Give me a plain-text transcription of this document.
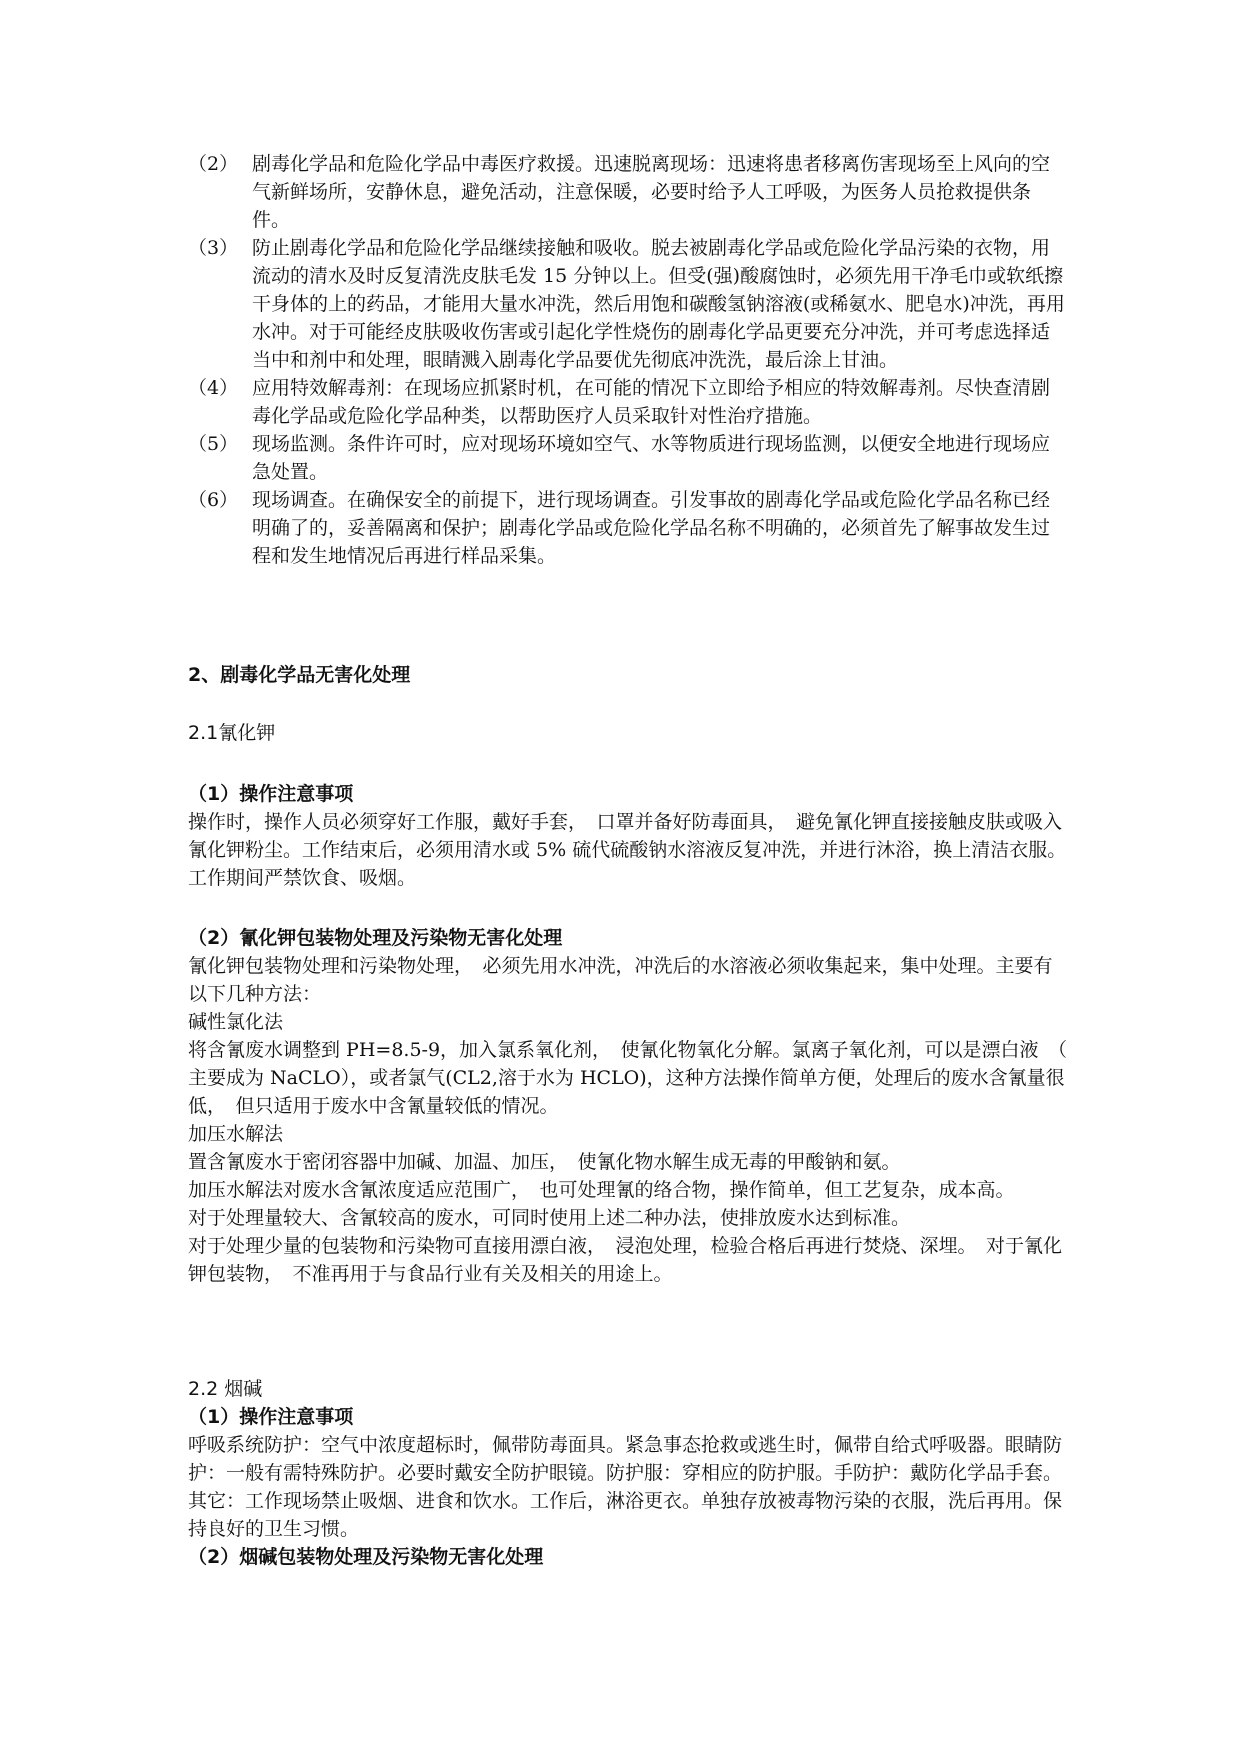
（2） 剧毒化学品和危险化学品中毒医疗救援。迅速脱离现场：迅速将患者移离伤害现场至上风向的空气新鲜场所，安静休息，避免活动，注意保暖，必要时给予人工呼吸，为医务人员抢救提供条件。
（3） 防止剧毒化学品和危险化学品继续接触和吸收。脱去被剧毒化学品或危险化学品污染的衣物，用流动的清水及时反复清洗皮肤毛发 15 分钟以上。但受(强)酸腐蚀时，必须先用干净毛巾或软纸擦干身体的上的药品，才能用大量水冲洗，然后用饱和碳酸氢钠溶液(或稀氨水、肥皂水)冲洗，再用水冲。对于可能经皮肤吸收伤害或引起化学性烧伤的剧毒化学品更要充分冲洗，并可考虑选择适当中和剂中和处理，眼睛溅入剧毒化学品要优先彻底冲洗洗，最后涂上甘油。
（4） 应用特效解毒剂：在现场应抓紧时机，在可能的情况下立即给予相应的特效解毒剂。尽快查清剧毒化学品或危险化学品种类，以帮助医疗人员采取针对性治疗措施。
（5） 现场监测。条件许可时，应对现场环境如空气、水等物质进行现场监测，以便安全地进行现场应急处置。
（6） 现场调查。在确保安全的前提下，进行现场调查。引发事故的剧毒化学品或危险化学品名称已经明确了的，妥善隔离和保护；剧毒化学品或危险化学品名称不明确的，必须首先了解事故发生过程和发生地情况后再进行样品采集。

2、剧毒化学品无害化处理

2.1氰化钾

（1）操作注意事项

操作时，操作人员必须穿好工作服，戴好手套，　口罩并备好防毒面具，　避免氰化钾直接接触皮肤或吸入氰化钾粉尘。工作结束后，必须用清水或 5% 硫代硫酸钠水溶液反复冲洗，并进行沐浴，换上清洁衣服。工作期间严禁饮食、吸烟。

（2）氰化钾包装物处理及污染物无害化处理

氰化钾包装物处理和污染物处理，　必须先用水冲洗，冲洗后的水溶液必须收集起来，集中处理。主要有以下几种方法：

碱性氯化法

将含氰废水调整到 PH=8.5-9，加入氯系氧化剂，　使氰化物氧化分解。氯离子氧化剂，可以是漂白液　（　主要成为 NaCLO），或者氯气(CL2,溶于水为 HCLO)，这种方法操作简单方便，处理后的废水含氰量很低，　但只适用于废水中含氰量较低的情况。

加压水解法

置含氰废水于密闭容器中加碱、加温、加压，　使氰化物水解生成无毒的甲酸钠和氨。

加压水解法对废水含氰浓度适应范围广，　也可处理氰的络合物，操作简单，但工艺复杂，成本高。

对于处理量较大、含氰较高的废水，可同时使用上述二种办法，使排放废水达到标准。

对于处理少量的包装物和污染物可直接用漂白液，　浸泡处理，检验合格后再进行焚烧、深埋。　对于氰化钾包装物，　不准再用于与食品行业有关及相关的用途上。

2.2 烟碱

（1）操作注意事项

呼吸系统防护：空气中浓度超标时，佩带防毒面具。紧急事态抢救或逃生时，佩带自给式呼吸器。眼睛防护：一般有需特殊防护。必要时戴安全防护眼镜。防护服：穿相应的防护服。手防护：戴防化学品手套。其它：工作现场禁止吸烟、进食和饮水。工作后，淋浴更衣。单独存放被毒物污染的衣服，洗后再用。保持良好的卫生习惯。

（2）烟碱包装物处理及污染物无害化处理
